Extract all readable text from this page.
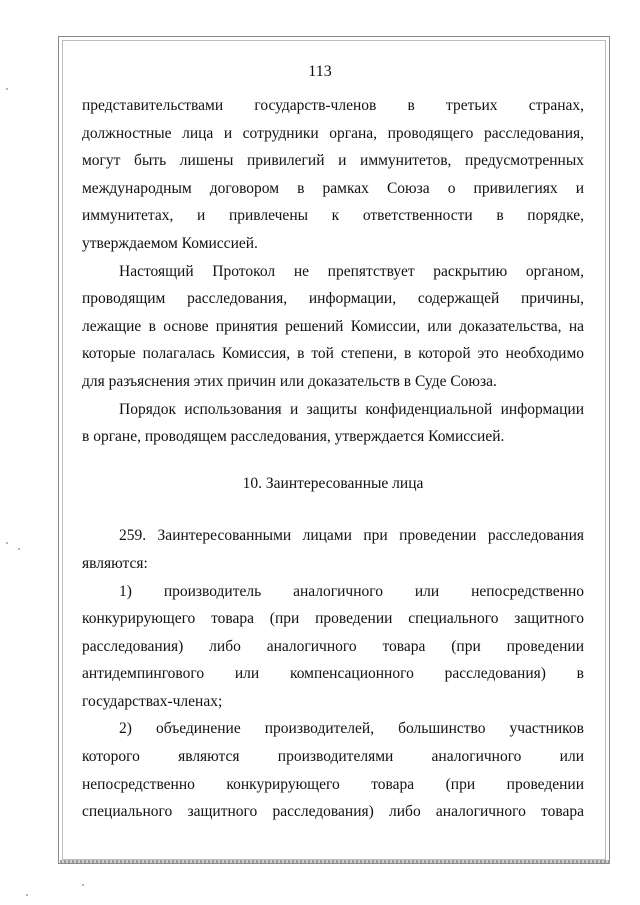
113

представительствами государств-членов в третьих странах,
должностные лица и сотрудники органа, проводящего расследования,
могут быть лишены привилегий и иммунитетов, предусмотренных
международным договором в рамках Союза о привилегиях и
иммунитетах, и привлечены к ответственности в порядке,
утверждаемом Комиссией.

Настоящий Протокол не препятствует раскрытию органом,
проводящим расследования, информации, содержащей причины,
лежащие в основе принятия решений Комиссии, или доказательства, на
которые полагалась Комиссия, в той степени, в которой это необходимо
для разъяснения этих причин или доказательств в Суде Союза.

Порядок использования и защиты конфиденциальной информации
в органе, проводящем расследования, утверждается Комиссией.

10. Заинтересованные лица

259. Заинтересованными лицами при проведении расследования
являются:

1) производитель аналогичного или непосредственно
конкурирующего товара (при проведении специального защитного
расследования) либо аналогичного товара (при проведении
антидемпингового или компенсационного расследования) в
государствах-членах;

2) объединение производителей, большинство участников
которого являются производителями аналогичного или
непосредственно конкурирующего товара (при проведении
специального защитного расследования) либо аналогичного товара
